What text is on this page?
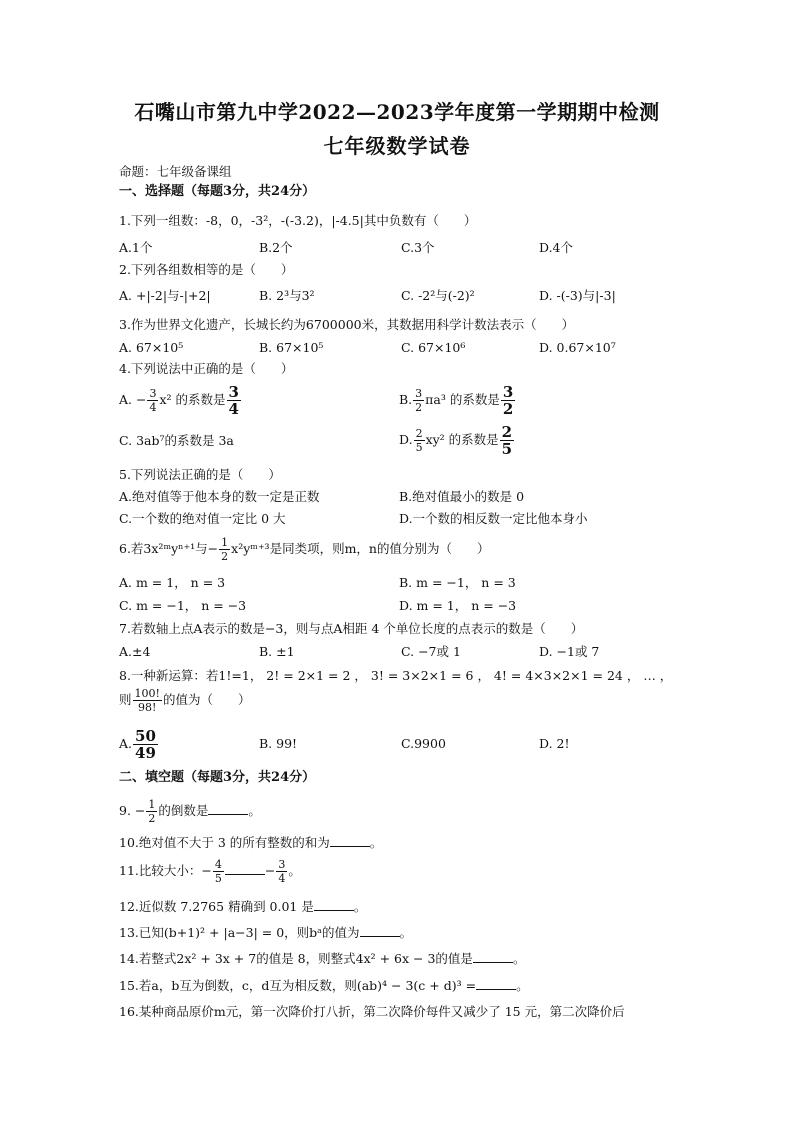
石嘴山市第九中学2022—2023学年度第一学期期中检测
七年级数学试卷
命题：七年级备课组
一、选择题（每题3分，共24分）
1.下列一组数：-8，0，-3²，-(-3.2)，|-4.5|其中负数有（　　）
A.1个	B.2个	C.3个	D.4个
2.下列各组数相等的是（　　）
A. +|-2|与-|+2|	B. 2³与3²	C. -2²与(-2)²	D. -(-3)与|-3|
3.作为世界文化遗产，长城长约为6700000米，其数据用科学计数法表示（　　）
A. 67×10⁵	B. 67×10⁵	C. 67×10⁶	D. 0.67×10⁷
4.下列说法中正确的是（　　）
A. − $\frac{3}{4} x^2$ 的系数是 $\frac{3}{4}$	B. $\frac{3}{2} \pi a^3$ 的系数是 $\frac{3}{2}$
C. 3ab⁷的系数是 3a	D. $\frac{2}{5} xy^2$ 的系数是 $\frac{2}{5}$
5.下列说法正确的是（　　）
A.绝对值等于他本身的数一定是正数	B.绝对值最小的数是 0
C.一个数的绝对值一定比 0 大	D.一个数的相反数一定比他本身小
6.若3x²ᵐyⁿ⁺¹与− $\frac{1}{2}$ x²yᵐ⁺³是同类项，则m，n的值分别为（　　）
A. m = 1， n = 3	B. m = −1， n = 3
C. m = −1， n = −3	D. m = 1， n = −3
7.若数轴上点A表示的数是−3，则与点A相距 4 个单位长度的点表示的数是（　　）
A.±4	B. ±1	C. −7或 1	D. −1或 7
8.一种新运算：若1!=1， 2! = 2×1 = 2 ， 3! = 3×2×1 = 6 ， 4! = 4×3×2×1 = 24 ， … ，
则 $\frac{100!}{98!}$ 的值为（　　）
A. $\frac{50}{49}$	B. 99!	C.9900	D. 2!
二、填空题（每题3分，共24分）
9. − $\frac{1}{2}$ 的倒数是	。
10.绝对值不大于 3 的所有整数的和为	。
11.比较大小：− $\frac{4}{5}$	− $\frac{3}{4}$ 。
12.近似数 7.2765 精确到 0.01 是	。
13.已知(b+1)² + |a−3| = 0，则bᵃ的值为	。
14.若整式2x² + 3x + 7的值是 8，则整式4x² + 6x − 3的值是	。
15.若a，b互为倒数，c，d互为相反数，则(ab)⁴ − 3(c + d)³ =	。
16.某种商品原价m元，第一次降价打八折，第二次降价每件又减少了 15 元，第二次降价后
